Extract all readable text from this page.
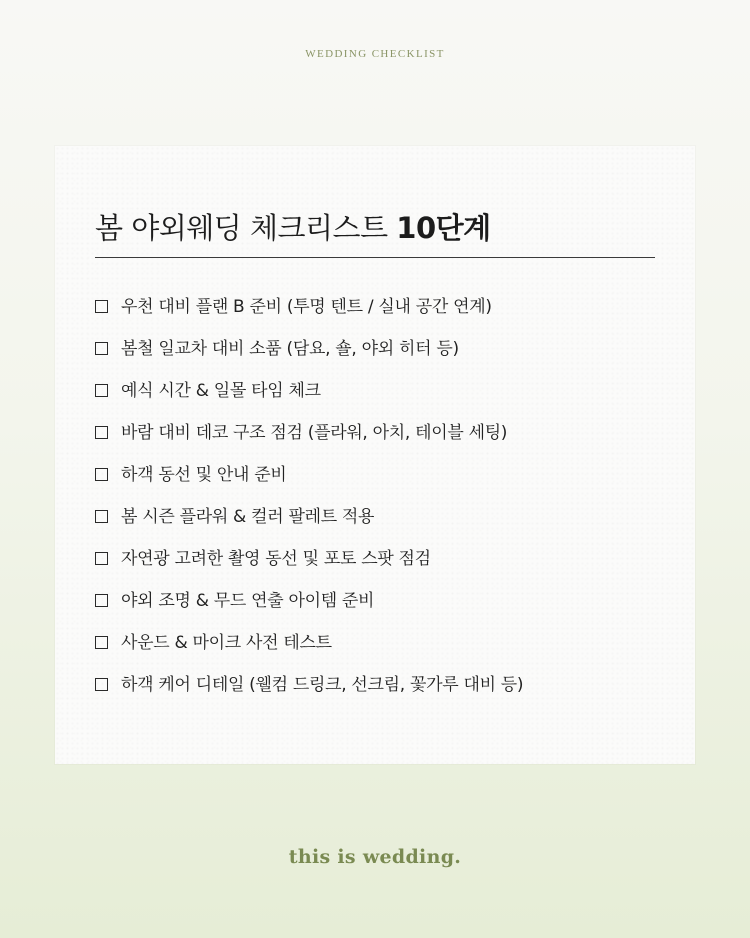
WEDDING CHECKLIST
봄 야외웨딩 체크리스트 10단계
우천 대비 플랜 B 준비 (투명 텐트 / 실내 공간 연계)
봄철 일교차 대비 소품 (담요, 숄, 야외 히터 등)
예식 시간 & 일몰 타임 체크
바람 대비 데코 구조 점검 (플라워, 아치, 테이블 세팅)
하객 동선 및 안내 준비
봄 시즌 플라워 & 컬러 팔레트 적용
자연광 고려한 촬영 동선 및 포토 스팟 점검
야외 조명 & 무드 연출 아이템 준비
사운드 & 마이크 사전 테스트
하객 케어 디테일 (웰컴 드링크, 선크림, 꽃가루 대비 등)
this is wedding.
